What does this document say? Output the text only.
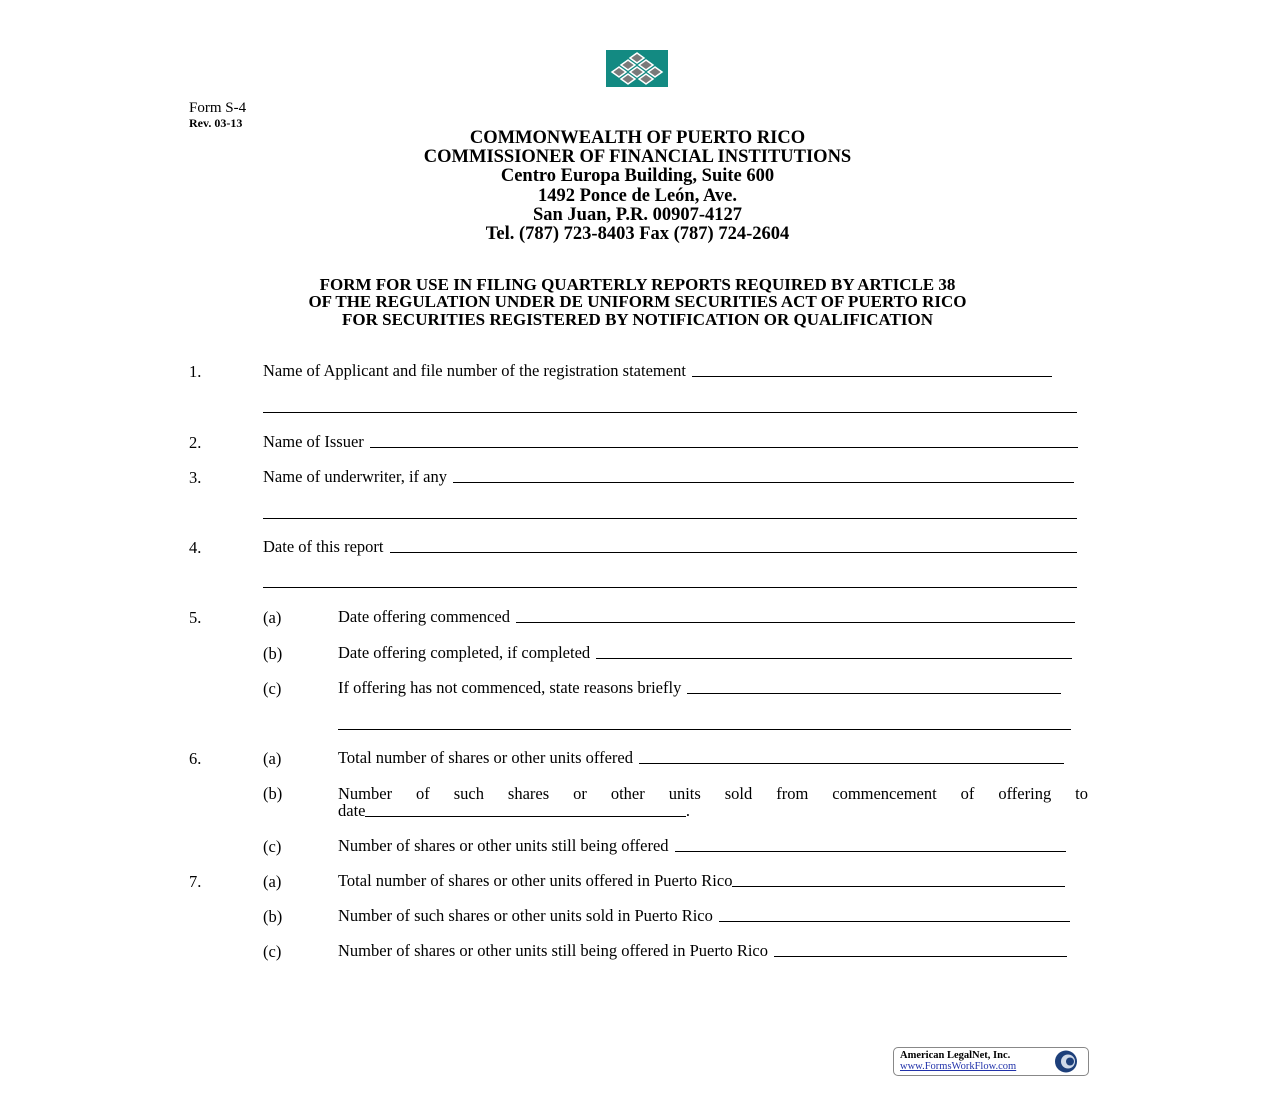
Form S-4
Rev. 03-13
COMMONWEALTH OF PUERTO RICO
COMMISSIONER OF FINANCIAL INSTITUTIONS
Centro Europa Building, Suite 600
1492 Ponce de León, Ave.
San Juan, P.R. 00907-4127
Tel. (787) 723-8403 Fax (787) 724-2604
FORM FOR USE IN FILING QUARTERLY REPORTS REQUIRED BY ARTICLE 38
OF THE REGULATION UNDER DE UNIFORM SECURITIES ACT OF PUERTO RICO
FOR SECURITIES REGISTERED BY NOTIFICATION OR QUALIFICATION
1.	Name of Applicant and file number of the registration statement
2.	Name of Issuer
3.	Name of underwriter, if any
4.	Date of this report
5.	(a)	Date offering commenced
(b)	Date offering completed, if completed
(c)	If offering has not commenced, state reasons briefly
6.	(a)	Total number of shares or other units offered
(b)	Number of such shares or other units sold from commencement of offering to
date	.
(c)	Number of shares or other units still being offered
7.	(a)	Total number of shares or other units offered in Puerto Rico
(b)	Number of such shares or other units sold in Puerto Rico
(c)	Number of shares or other units still being offered in Puerto Rico
American LegalNet, Inc.
www.FormsWorkFlow.com
